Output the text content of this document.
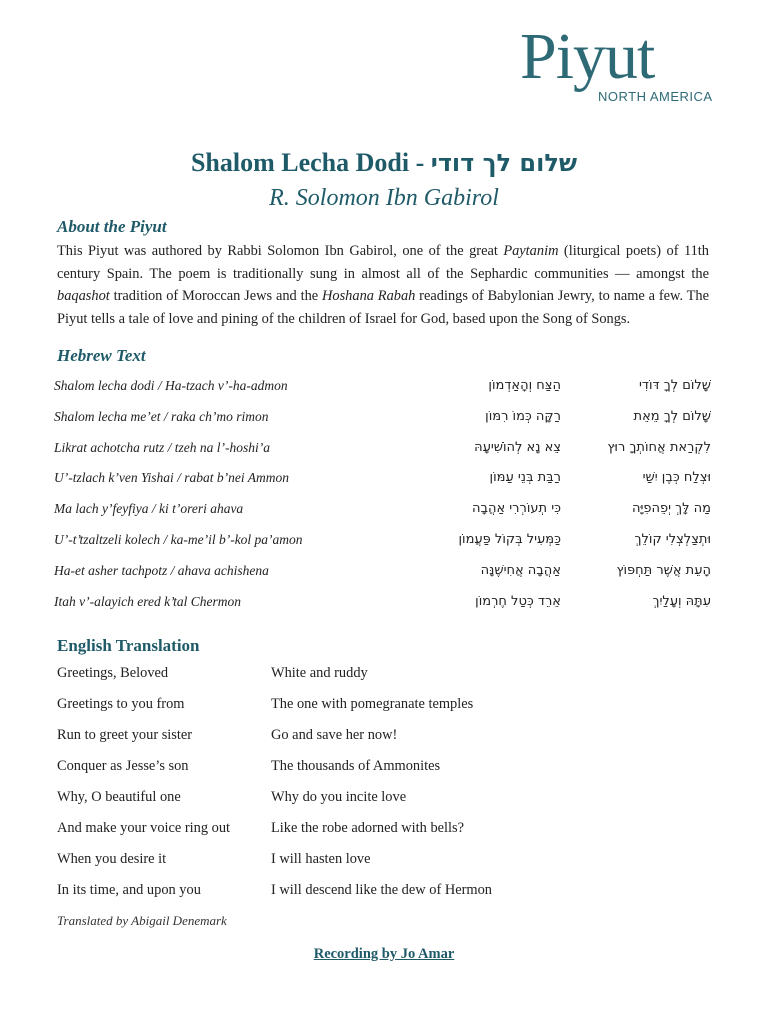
Piyut
NORTH AMERICA
Shalom Lecha Dodi - שלום לך דודי
R. Solomon Ibn Gabirol
About the Piyut
This Piyut was authored by Rabbi Solomon Ibn Gabirol, one of the great Paytanim (liturgical poets) of 11th century Spain. The poem is traditionally sung in almost all of the Sephardic communities — amongst the baqashot tradition of Moroccan Jews and the Hoshana Rabah readings of Babylonian Jewry, to name a few. The Piyut tells a tale of love and pining of the children of Israel for God, based upon the Song of Songs.
Hebrew Text
Shalom lecha dodi / Ha-tzach v’-ha-admon	הַצַּח וְהָאַדְמוֹן	שָׁלוֹם לְךָ דּוֹדִי
Shalom lecha me’et / raka ch’mo rimon	רַקָּה כְּמוֹ רִמּוֹן	שָׁלוֹם לְךָ מֵאֵת
Likrat achotcha rutz / tzeh na l’-hoshi’a	צֵא נָא לְהוֹשִׁיעָהּ	לִקְרַאת אֲחוֹתְךָ רוּץ
U’-tzlach k’ven Yishai / rabat b’nei Ammon	רַבַּת בְּנֵי עַמּוֹן	וּצְלַח כְּבֶן יִשַׁי
Ma lach y’feyfiya / ki t’oreri ahava	כִּי תְעוֹרְרִי אַהֲבָה	מַה לָּךְ יְפֵהפִיָּה
U’-t’tzaltzeli kolech / ka-me’il b’-kol pa’amon	כַּמְּעִיל בְּקוֹל פַּעֲמוֹן	וּתְצַלְצְלִי קוֹלֵךְ
Ha-et asher tachpotz / ahava achishena	אַהֲבָה אֲחִישֶׁנָּה	הָעֵת אֲשֶׁר תַּחְפּוֹץ
Itah v’-alayich ered k’tal Chermon	אֵרֵד כְּטַל חֶרְמוֹן	עִתָּהּ וְעָלַיִךְ
English Translation
Greetings, Beloved	White and ruddy
Greetings to you from	The one with pomegranate temples
Run to greet your sister	Go and save her now!
Conquer as Jesse’s son	The thousands of Ammonites
Why, O beautiful one	Why do you incite love
And make your voice ring out	Like the robe adorned with bells?
When you desire it	I will hasten love
In its time, and upon you	I will descend like the dew of Hermon
Translated by Abigail Denemark
Recording by Jo Amar
